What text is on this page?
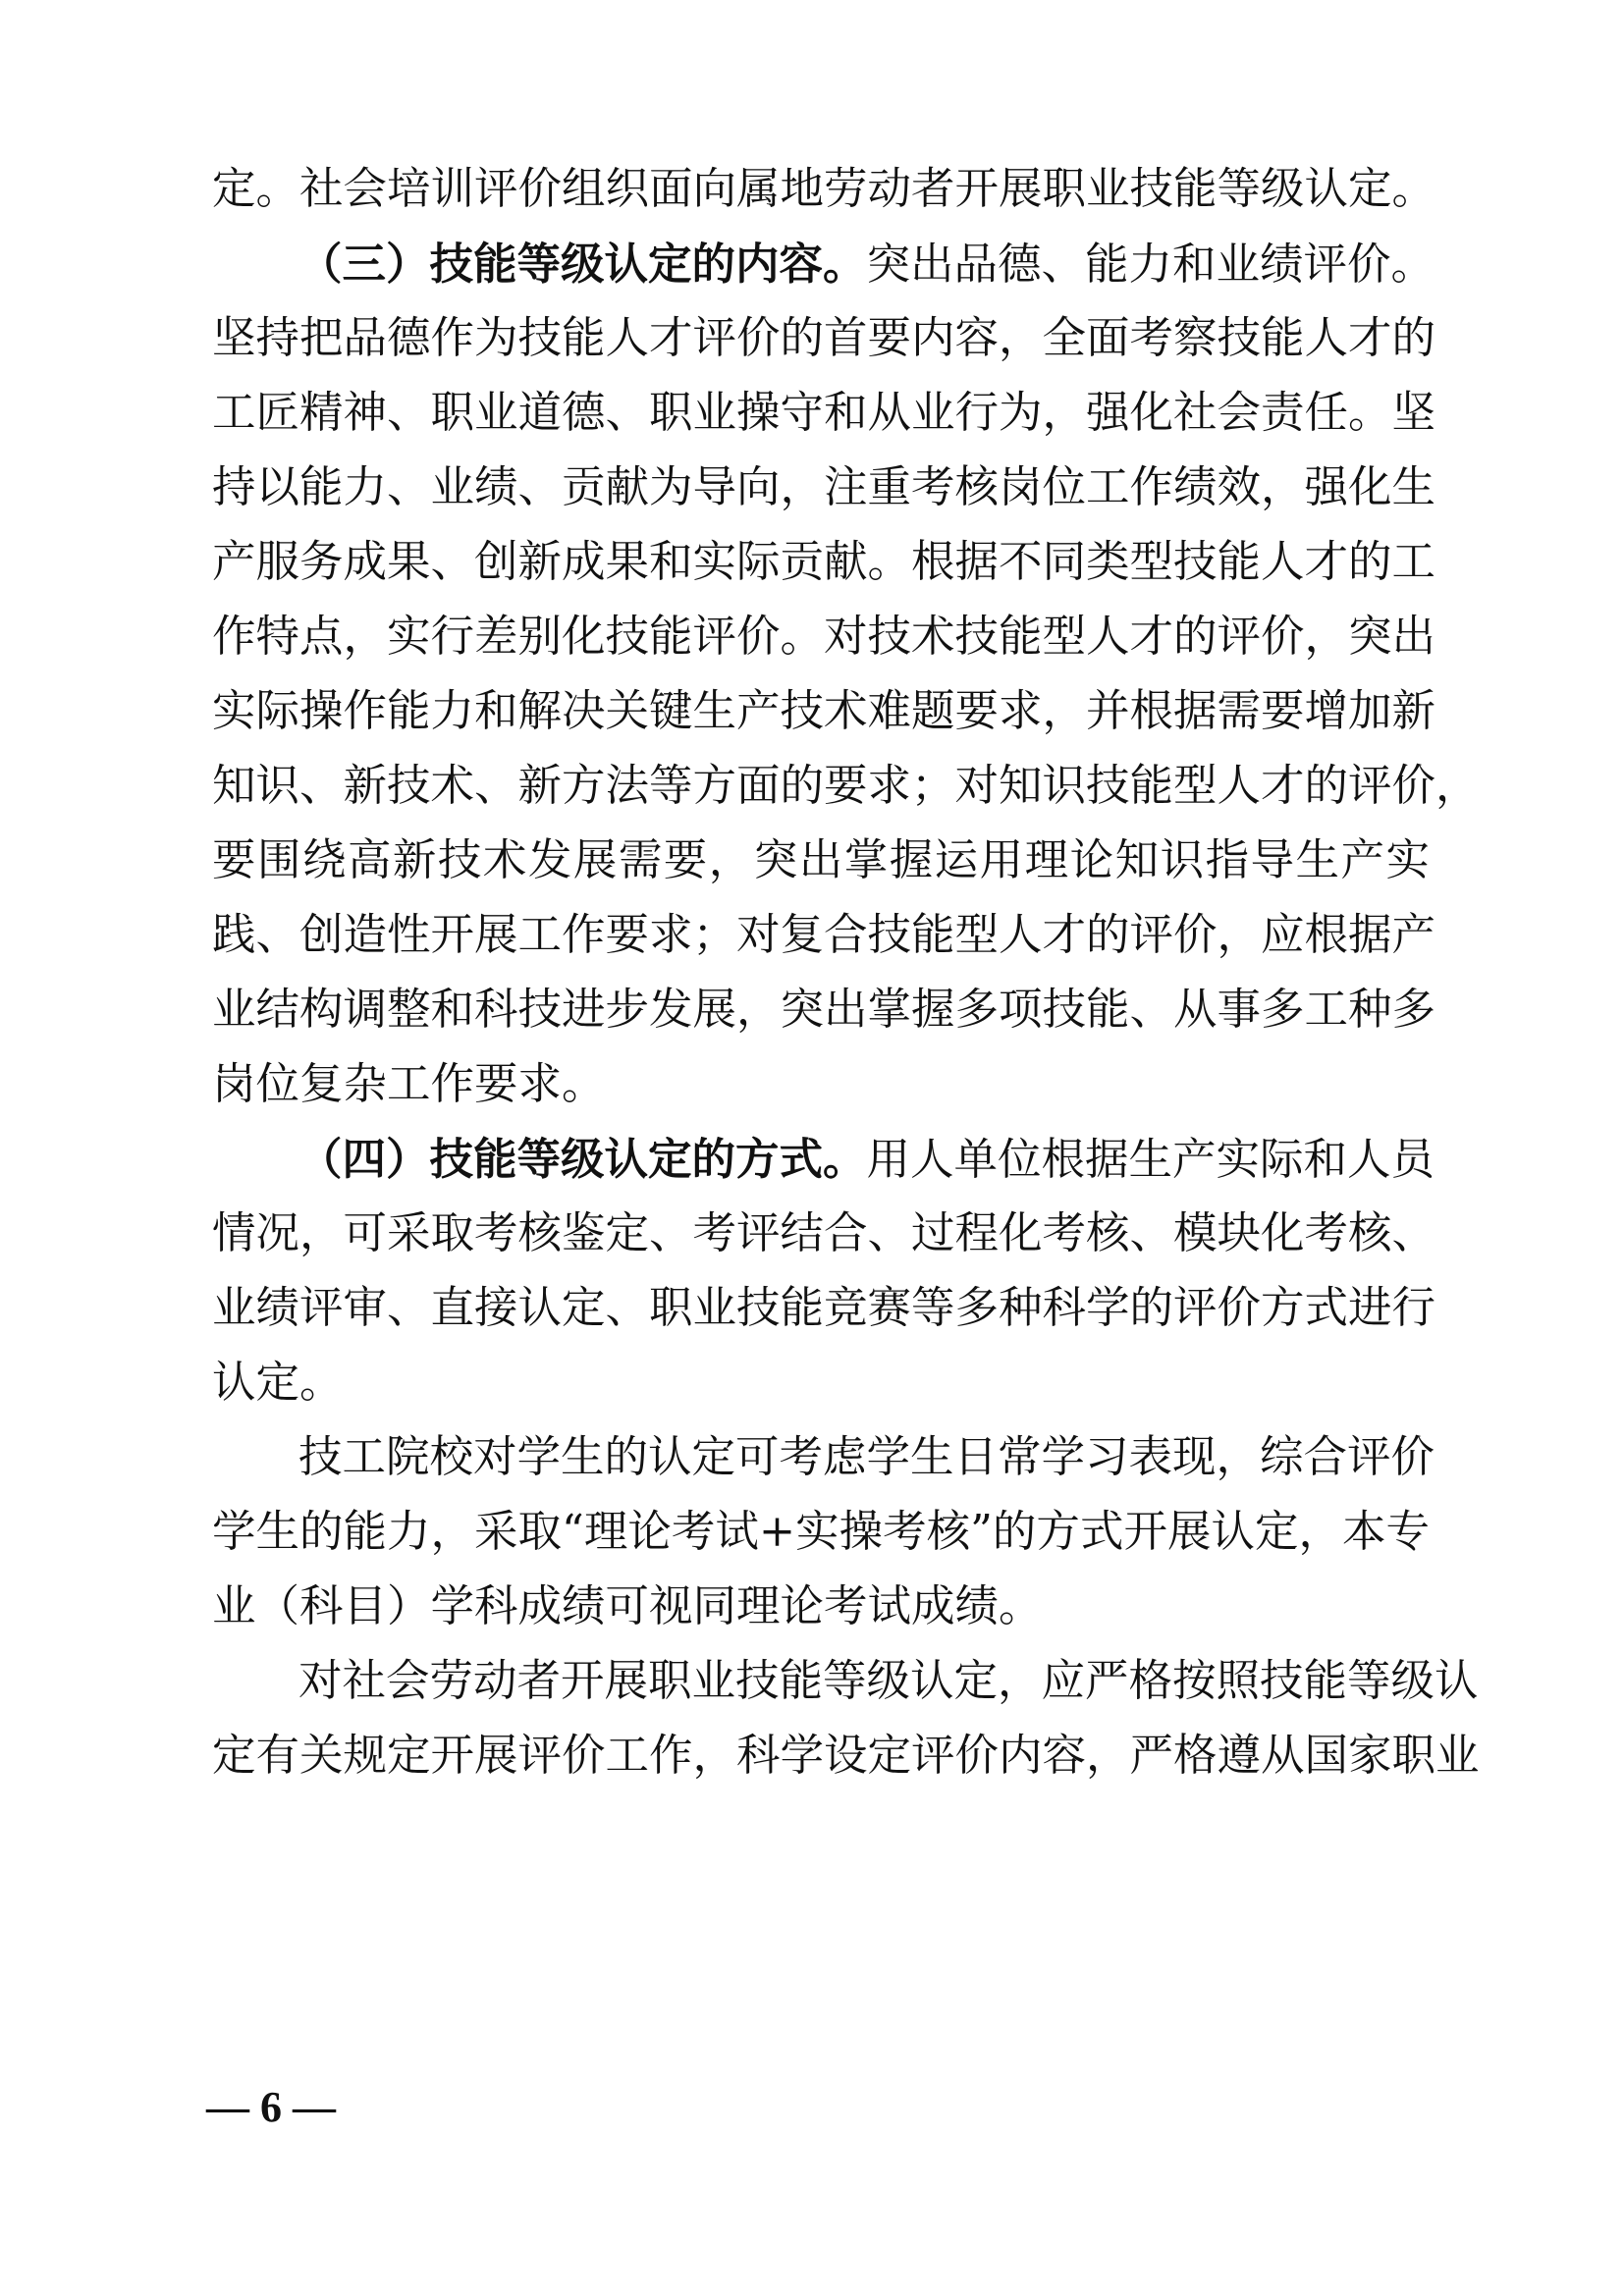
定。社会培训评价组织面向属地劳动者开展职业技能等级认定。
（三）技能等级认定的内容。突出品德、能力和业绩评价。
坚持把品德作为技能人才评价的首要内容，全面考察技能人才的
工匠精神、职业道德、职业操守和从业行为，强化社会责任。坚
持以能力、业绩、贡献为导向，注重考核岗位工作绩效，强化生
产服务成果、创新成果和实际贡献。根据不同类型技能人才的工
作特点，实行差别化技能评价。对技术技能型人才的评价，突出
实际操作能力和解决关键生产技术难题要求，并根据需要增加新
知识、新技术、新方法等方面的要求；对知识技能型人才的评价，
要围绕高新技术发展需要，突出掌握运用理论知识指导生产实
践、创造性开展工作要求；对复合技能型人才的评价，应根据产
业结构调整和科技进步发展，突出掌握多项技能、从事多工种多
岗位复杂工作要求。
（四）技能等级认定的方式。用人单位根据生产实际和人员
情况，可采取考核鉴定、考评结合、过程化考核、模块化考核、
业绩评审、直接认定、职业技能竞赛等多种科学的评价方式进行
认定。
技工院校对学生的认定可考虑学生日常学习表现，综合评价
学生的能力，采取“理论考试+实操考核”的方式开展认定，本专
业（科目）学科成绩可视同理论考试成绩。
对社会劳动者开展职业技能等级认定，应严格按照技能等级认
定有关规定开展评价工作，科学设定评价内容，严格遵从国家职业
— 6 —
